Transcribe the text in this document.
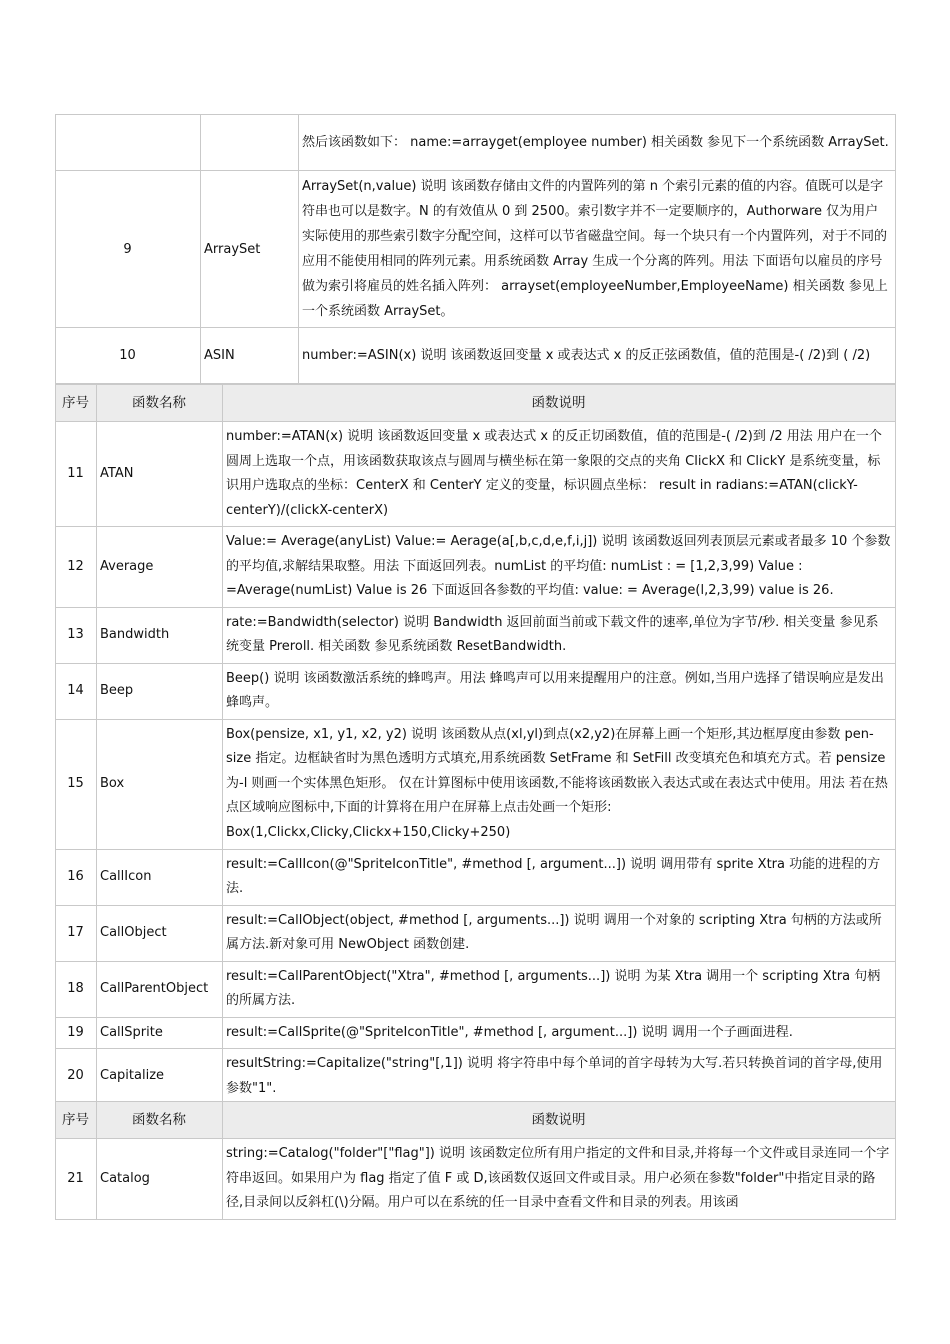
		然后该函数如下： name:=arrayget(employee number) 相关函数 参见下一个系统函数 ArraySet.
9	ArraySet	ArraySet(n,value) 说明 该函数存储由文件的内置阵列的第 n 个索引元素的值的内容。值既可以是字符串也可以是数字。N 的有效值从 0 到 2500。索引数字并不一定要顺序的，Authorware 仅为用户实际使用的那些索引数字分配空间，这样可以节省磁盘空间。每一个块只有一个内置阵列，对于不同的应用不能使用相同的阵列元素。用系统函数 Array 生成一个分离的阵列。用法 下面语句以雇员的序号做为索引将雇员的姓名插入阵列： arrayset(employeeNumber,EmployeeName) 相关函数 参见上一个系统函数 ArraySet。
10	ASIN	number:=ASIN(x) 说明 该函数返回变量 x 或表达式 x 的反正弦函数值，值的范围是-( /2)到 ( /2)
序号	函数名称	函数说明
11	ATAN	number:=ATAN(x) 说明 该函数返回变量 x 或表达式 x 的反正切函数值，值的范围是-( /2)到 /2 用法 用户在一个圆周上选取一个点，用该函数获取该点与圆周与横坐标在第一象限的交点的夹角 ClickX 和 ClickY 是系统变量，标识用户选取点的坐标：CenterX 和 CenterY 定义的变量，标识圆点坐标： result in radians:=ATAN(clickY-centerY)/(clickX-centerX)
12	Average	Value:= Average(anyList) Value:= Aerage(a[,b,c,d,e,f,i,j]) 说明 该函数返回列表顶层元素或者最多 10 个参数的平均值,求解结果取整。用法 下面返回列表。numList 的平均值: numList : = [1,2,3,99) Value : =Average(numList) Value is 26 下面返回各参数的平均值: value: = Average(l,2,3,99) value is 26.
13	Bandwidth	rate:=Bandwidth(selector) 说明 Bandwidth 返回前面当前或下载文件的速率,单位为字节/秒. 相关变量 参见系统变量 Preroll. 相关函数 参见系统函数 ResetBandwidth.
14	Beep	Beep() 说明 该函数激活系统的蜂鸣声。用法 蜂鸣声可以用来提醒用户的注意。例如,当用户选择了错误响应是发出蜂鸣声。
15	Box	Box(pensize, x1, y1, x2, y2) 说明 该函数从点(xl,yl)到点(x2,y2)在屏幕上画一个矩形,其边框厚度由参数 pen-size 指定。边框缺省时为黑色透明方式填充,用系统函数 SetFrame 和 SetFill 改变填充色和填充方式。若 pensize 为-l 则画一个实体黑色矩形。 仅在计算图标中使用该函数,不能将该函数嵌入表达式或在表达式中使用。用法 若在热点区域响应图标中,下面的计算将在用户在屏幕上点击处画一个矩形: Box(1,Clickx,Clicky,Clickx+150,Clicky+250)
16	CallIcon	result:=CallIcon(@"SpriteIconTitle", #method [, argument...]) 说明 调用带有 sprite Xtra 功能的进程的方法.
17	CallObject	result:=CallObject(object, #method [, arguments...]) 说明 调用一个对象的 scripting Xtra 句柄的方法或所属方法.新对象可用 NewObject 函数创建.
18	CallParentObject	result:=CallParentObject("Xtra", #method [, arguments...]) 说明 为某 Xtra 调用一个 scripting Xtra 句柄的所属方法.
19	CallSprite	result:=CallSprite(@"SpriteIconTitle", #method [, argument...]) 说明 调用一个子画面进程.
20	Capitalize	resultString:=Capitalize("string"[,1]) 说明 将字符串中每个单词的首字母转为大写.若只转换首词的首字母,使用参数"1".
序号	函数名称	函数说明
21	Catalog	string:=Catalog("folder"["flag"]) 说明 该函数定位所有用户指定的文件和目录,并将每一个文件或目录连同一个字符串返回。如果用户为 flag 指定了值 F 或 D,该函数仅返回文件或目录。用户必须在参数"folder"中指定目录的路径,目录间以反斜杠(\)分隔。用户可以在系统的任一目录中查看文件和目录的列表。用该函
